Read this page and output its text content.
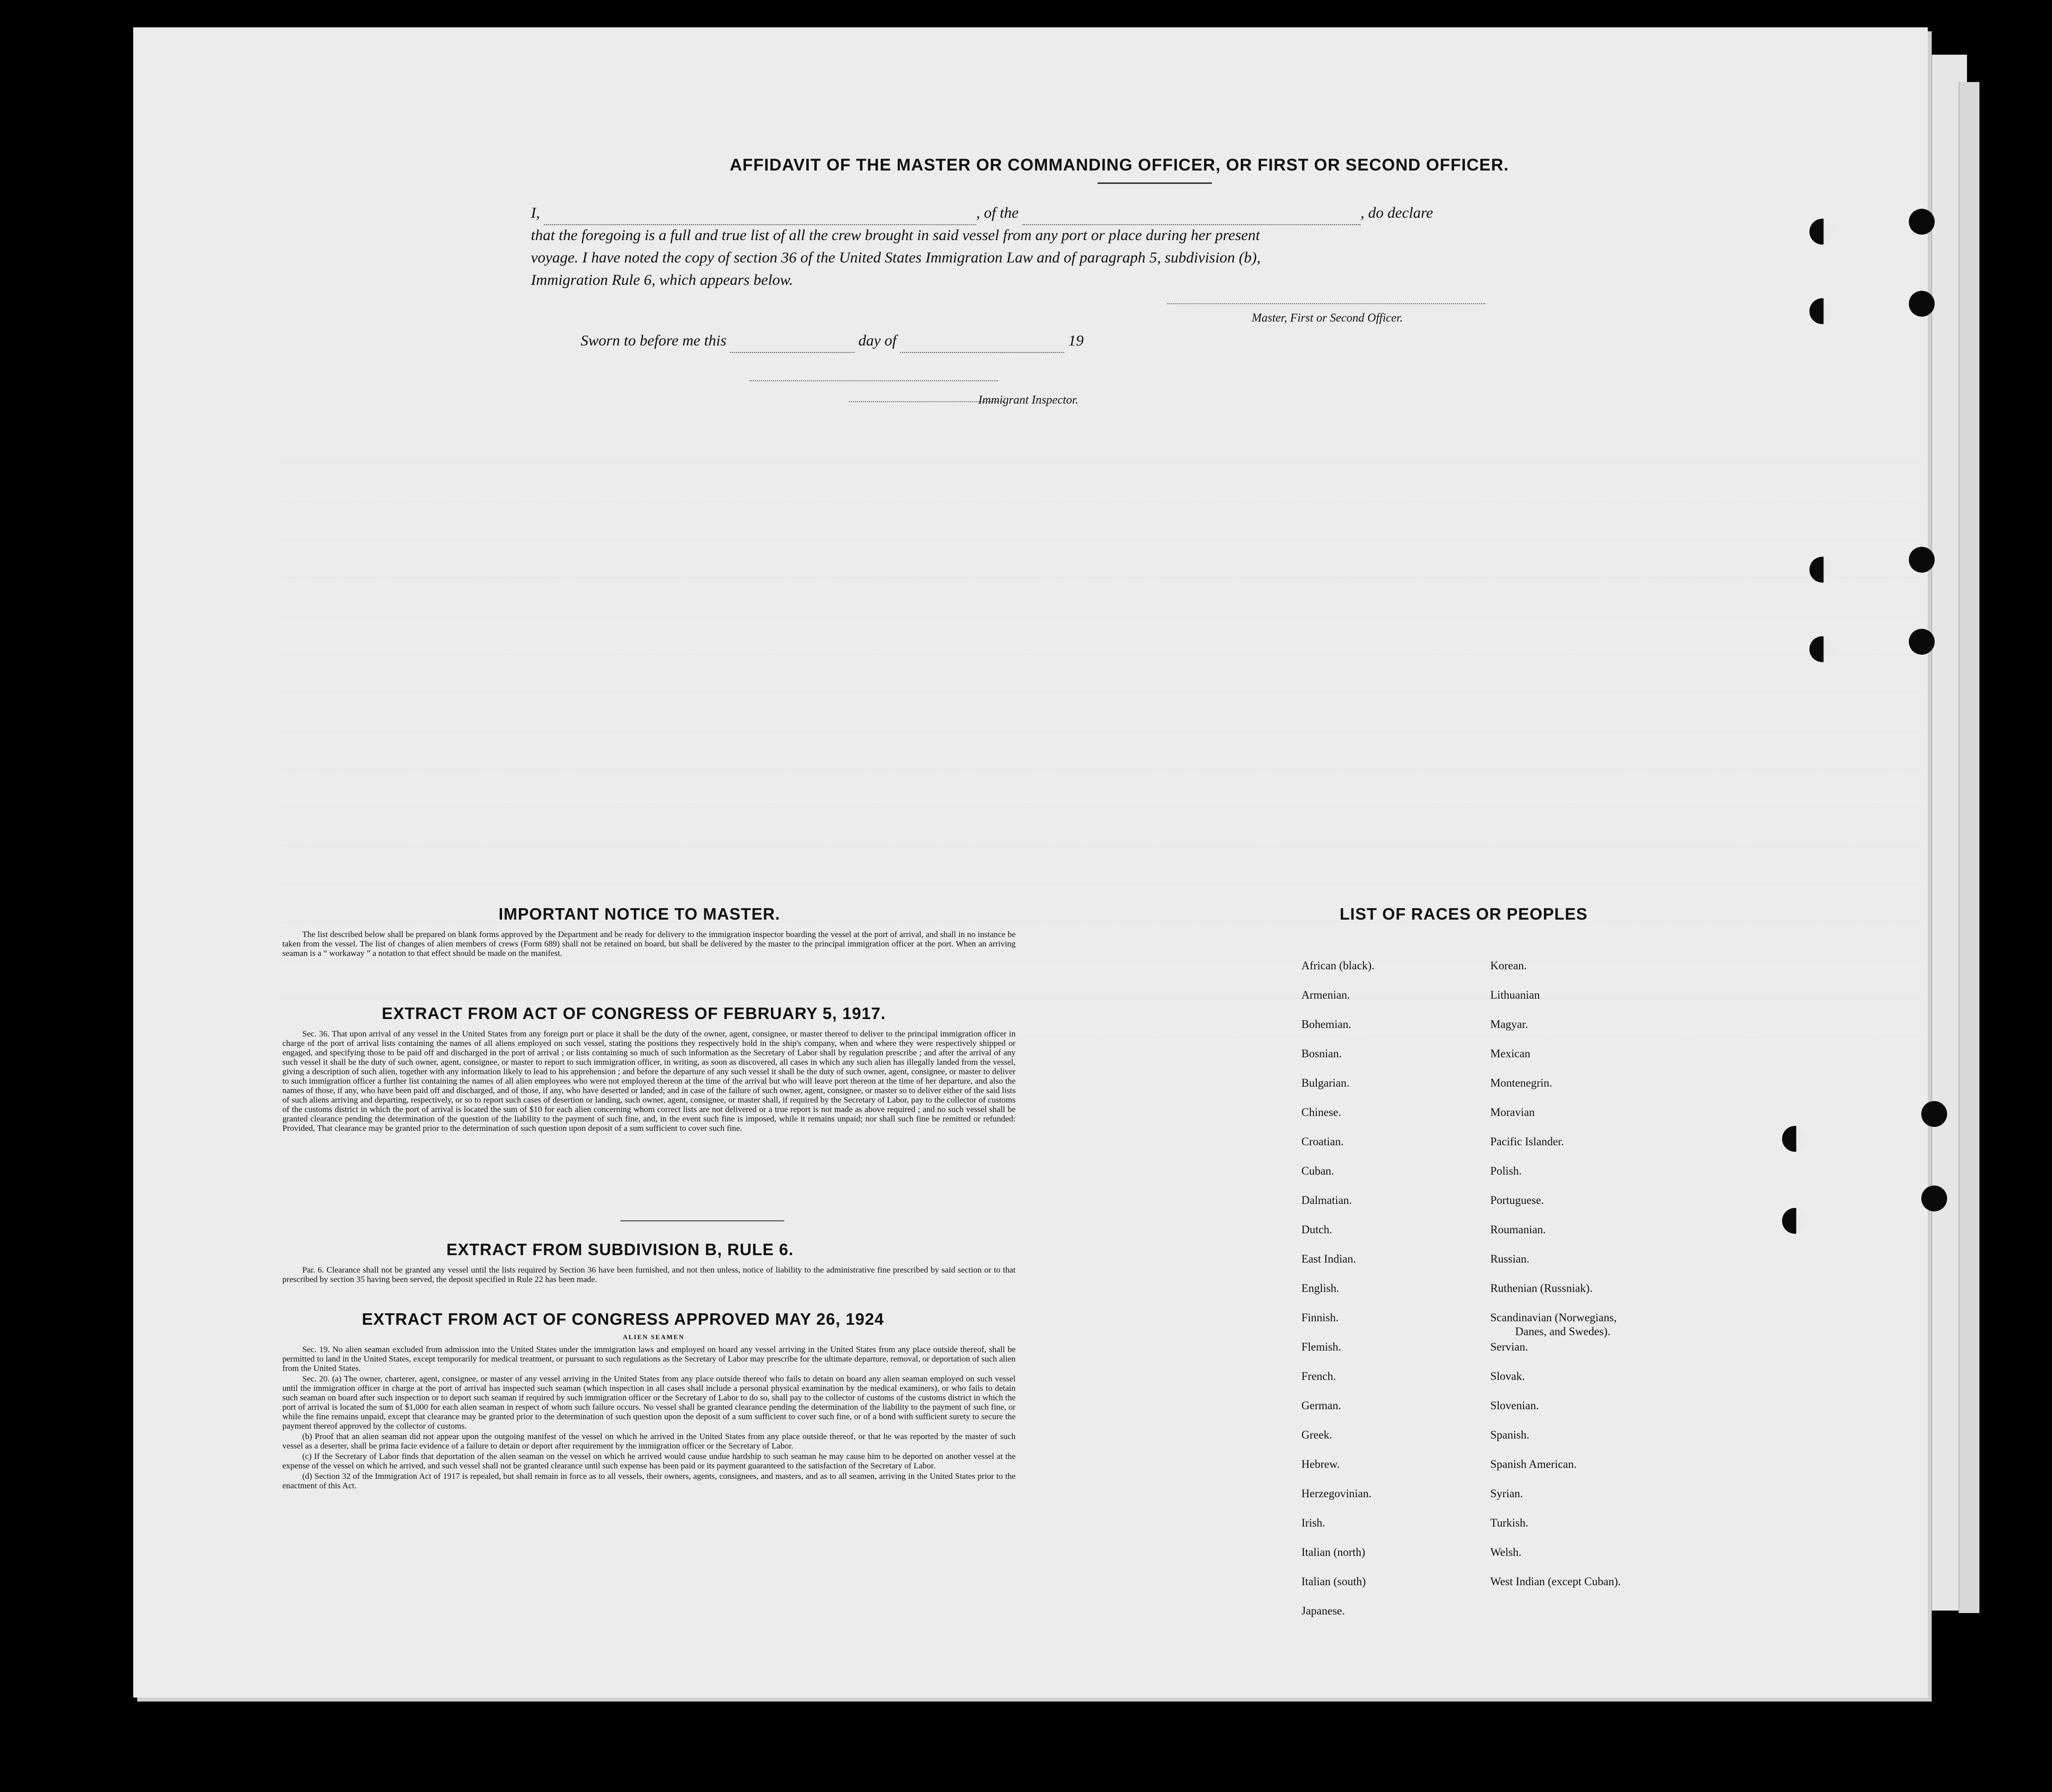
AFFIDAVIT OF THE MASTER OR COMMANDING OFFICER, OR FIRST OR SECOND OFFICER.
I,	, of the	, do declare
that the foregoing is a full and true list of all the crew brought in said vessel from any port or place during her present
voyage. I have noted the copy of section 36 of the United States Immigration Law and of paragraph 5, subdivision (b),
Immigration Rule 6, which appears below.
Master, First or Second Officer.
Sworn to before me this	day of	19
Immigrant Inspector.
IMPORTANT NOTICE TO MASTER.

The list described below shall be prepared on blank forms approved by the Department and be ready for delivery to the immigration inspector boarding the vessel at the port of arrival, and shall in no instance be taken from the vessel. The list of changes of alien members of crews (Form 689) shall not be retained on board, but shall be delivered by the master to the principal immigration officer at the port. When an arriving seaman is a “ workaway ” a notation to that effect should be made on the manifest.

EXTRACT FROM ACT OF CONGRESS OF FEBRUARY 5, 1917.

Sec. 36. That upon arrival of any vessel in the United States from any foreign port or place it shall be the duty of the owner, agent, consignee, or master thereof to deliver to the principal immigration officer in charge of the port of arrival lists containing the names of all aliens employed on such vessel, stating the positions they respectively hold in the ship's company, when and where they were respectively shipped or engaged, and specifying those to be paid off and discharged in the port of arrival ; or lists containing so much of such information as the Secretary of Labor shall by regulation prescribe ; and after the arrival of any such vessel it shall be the duty of such owner, agent, consignee, or master to report to such immigration officer, in writing, as soon as discovered, all cases in which any such alien has illegally landed from the vessel, giving a description of such alien, together with any information likely to lead to his apprehension ; and before the departure of any such vessel it shall be the duty of such owner, agent, consignee, or master to deliver to such immigration officer a further list containing the names of all alien employees who were not employed thereon at the time of the arrival but who will leave port thereon at the time of her departure, and also the names of those, if any, who have been paid off and discharged, and of those, if any, who have deserted or landed; and in case of the failure of such owner, agent, consignee, or master so to deliver either of the said lists of such aliens arriving and departing, respectively, or so to report such cases of desertion or landing, such owner, agent, consignee, or master shall, if required by the Secretary of Labor, pay to the collector of customs of the customs district in which the port of arrival is located the sum of $10 for each alien concerning whom correct lists are not delivered or a true report is not made as above required ; and no such vessel shall be granted clearance pending the determination of the question of the liability to the payment of such fine, and, in the event such fine is imposed, while it remains unpaid; nor shall such fine be remitted or refunded: Provided, That clearance may be granted prior to the determination of such question upon deposit of a sum sufficient to cover such fine.

EXTRACT FROM SUBDIVISION B, RULE 6.

Par. 6. Clearance shall not be granted any vessel until the lists required by Section 36 have been furnished, and not then unless, notice of liability to the administrative fine prescribed by said section or to that prescribed by section 35 having been served, the deposit specified in Rule 22 has been made.

EXTRACT FROM ACT OF CONGRESS APPROVED MAY 26, 1924
ALIEN SEAMEN

Sec. 19. No alien seaman excluded from admission into the United States under the immigration laws and employed on board any vessel arriving in the United States from any place outside thereof, shall be permitted to land in the United States, except temporarily for medical treatment, or pursuant to such regulations as the Secretary of Labor may prescribe for the ultimate departure, removal, or deportation of such alien from the United States.

Sec. 20. (a) The owner, charterer, agent, consignee, or master of any vessel arriving in the United States from any place outside thereof who fails to detain on board any alien seaman employed on such vessel until the immigration officer in charge at the port of arrival has inspected such seaman (which inspection in all cases shall include a personal physical examination by the medical examiners), or who fails to detain such seaman on board after such inspection or to deport such seaman if required by such immigration officer or the Secretary of Labor to do so, shall pay to the collector of customs of the customs district in which the port of arrival is located the sum of $1,000 for each alien seaman in respect of whom such failure occurs. No vessel shall be granted clearance pending the determination of the liability to the payment of such fine, or while the fine remains unpaid, except that clearance may be granted prior to the determination of such question upon the deposit of a sum sufficient to cover such fine, or of a bond with sufficient surety to secure the payment thereof approved by the collector of customs.

(b) Proof that an alien seaman did not appear upon the outgoing manifest of the vessel on which he arrived in the United States from any place outside thereof, or that he was reported by the master of such vessel as a deserter, shall be prima facie evidence of a failure to detain or deport after requirement by the immigration officer or the Secretary of Labor.

(c) If the Secretary of Labor finds that deportation of the alien seaman on the vessel on which he arrived would cause undue hardship to such seaman he may cause him to be deported on another vessel at the expense of the vessel on which he arrived, and such vessel shall not be granted clearance until such expense has been paid or its payment guaranteed to the satisfaction of the Secretary of Labor.

(d) Section 32 of the Immigration Act of 1917 is repealed, but shall remain in force as to all vessels, their owners, agents, consignees, and masters, and as to all seamen, arriving in the United States prior to the enactment of this Act.

LIST OF RACES OR PEOPLES
African (black).
Armenian.
Bohemian.
Bosnian.
Bulgarian.
Chinese.
Croatian.
Cuban.
Dalmatian.
Dutch.
East Indian.
English.
Finnish.
Flemish.
French.
German.
Greek.
Hebrew.
Herzegovinian.
Irish.
Italian (north)
Italian (south)
Japanese.
Korean.
Lithuanian
Magyar.
Mexican
Montenegrin.
Moravian
Pacific Islander.
Polish.
Portuguese.
Roumanian.
Russian.
Ruthenian (Russniak).
Scandinavian (Norwegians,
Danes, and Swedes).
Servian.
Slovak.
Slovenian.
Spanish.
Spanish American.
Syrian.
Turkish.
Welsh.
West Indian (except Cuban).
